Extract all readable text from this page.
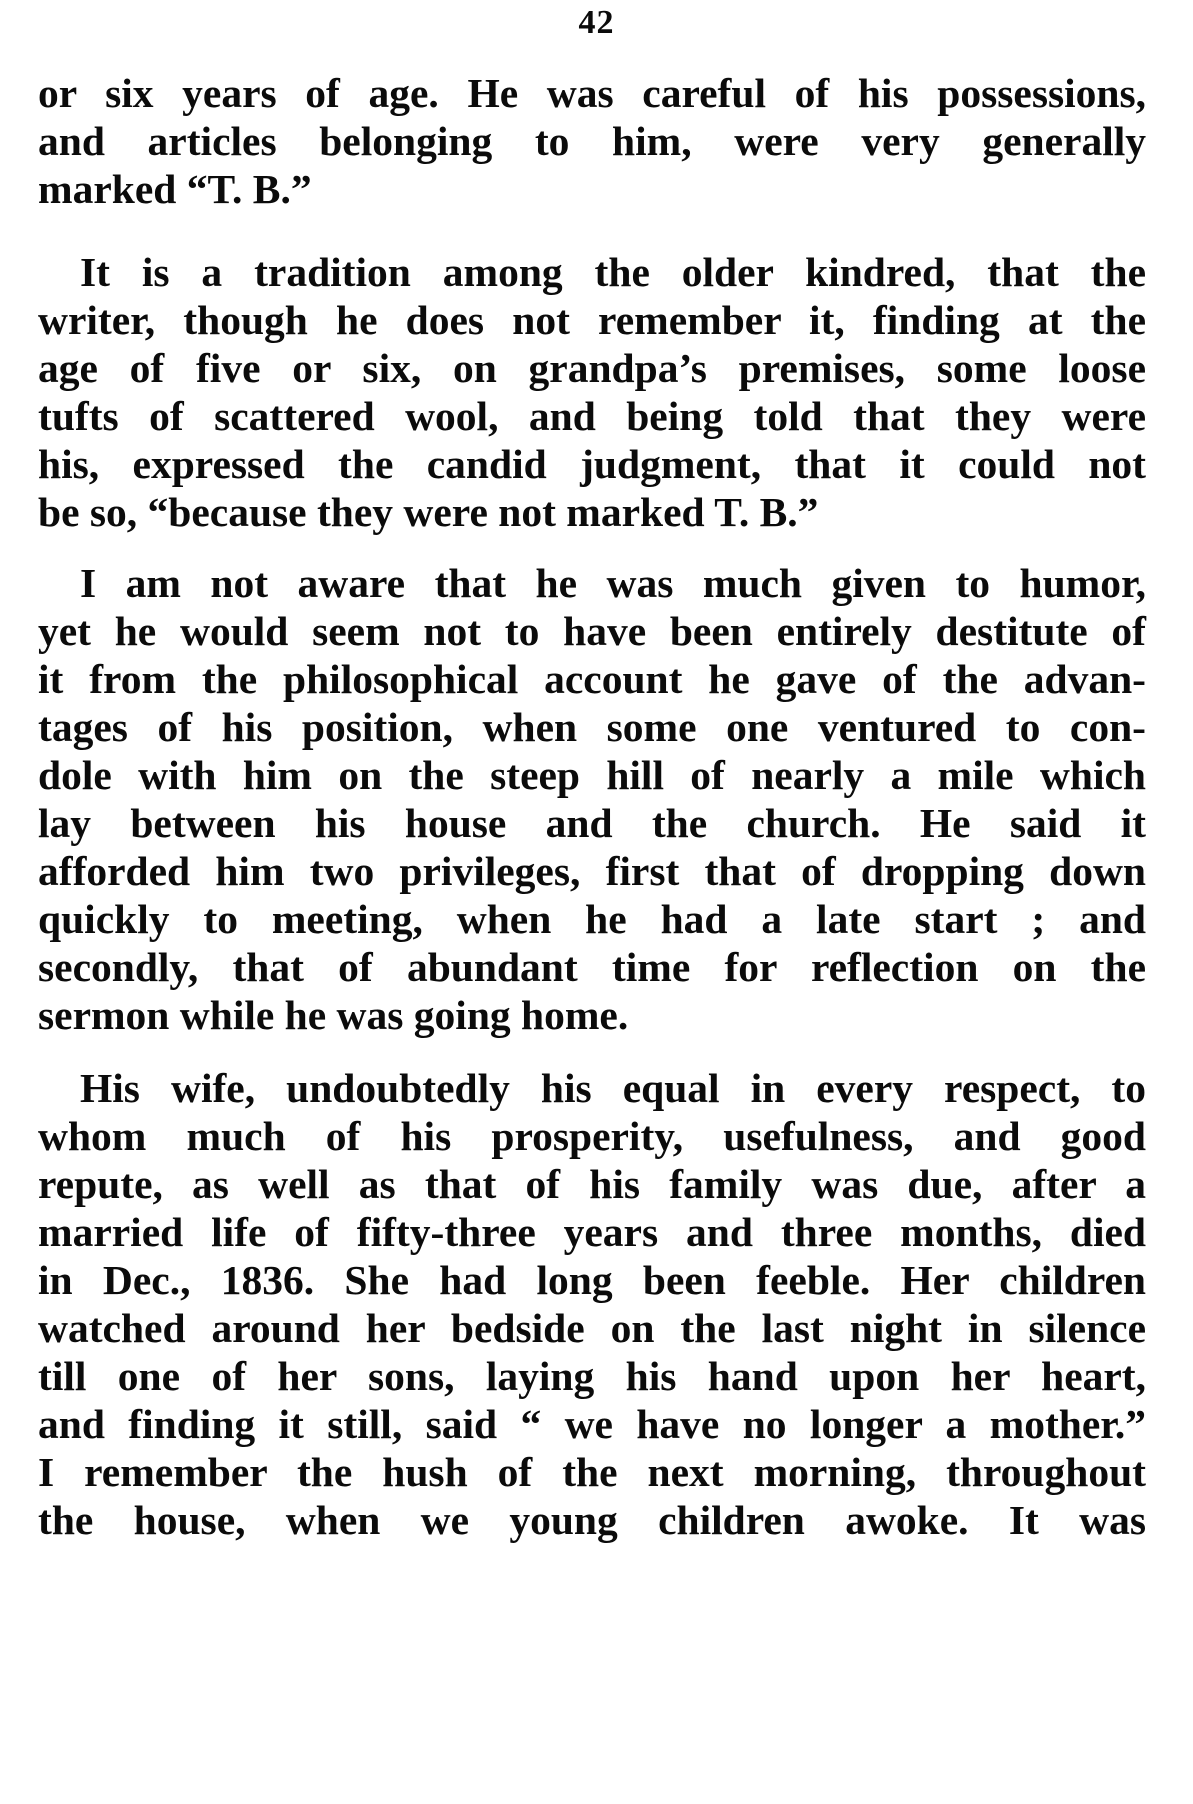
42
or six years of age. He was careful of his possessions,
and articles belonging to him, were very generally
marked “T. B.”
It is a tradition among the older kindred, that the
writer, though he does not remember it, finding at the
age of five or six, on grandpa’s premises, some loose
tufts of scattered wool, and being told that they were
his, expressed the candid judgment, that it could not
be so, “because they were not marked T. B.”
I am not aware that he was much given to humor,
yet he would seem not to have been entirely destitute of
it from the philosophical account he gave of the advan-
tages of his position, when some one ventured to con-
dole with him on the steep hill of nearly a mile which
lay between his house and the church. He said it
afforded him two privileges, first that of dropping down
quickly to meeting, when he had a late start ; and
secondly, that of abundant time for reflection on the
sermon while he was going home.
His wife, undoubtedly his equal in every respect, to
whom much of his prosperity, usefulness, and good
repute, as well as that of his family was due, after a
married life of fifty-three years and three months, died
in Dec., 1836. She had long been feeble. Her children
watched around her bedside on the last night in silence
till one of her sons, laying his hand upon her heart,
and finding it still, said “ we have no longer a mother.”
I remember the hush of the next morning, throughout
the house, when we young children awoke. It was
